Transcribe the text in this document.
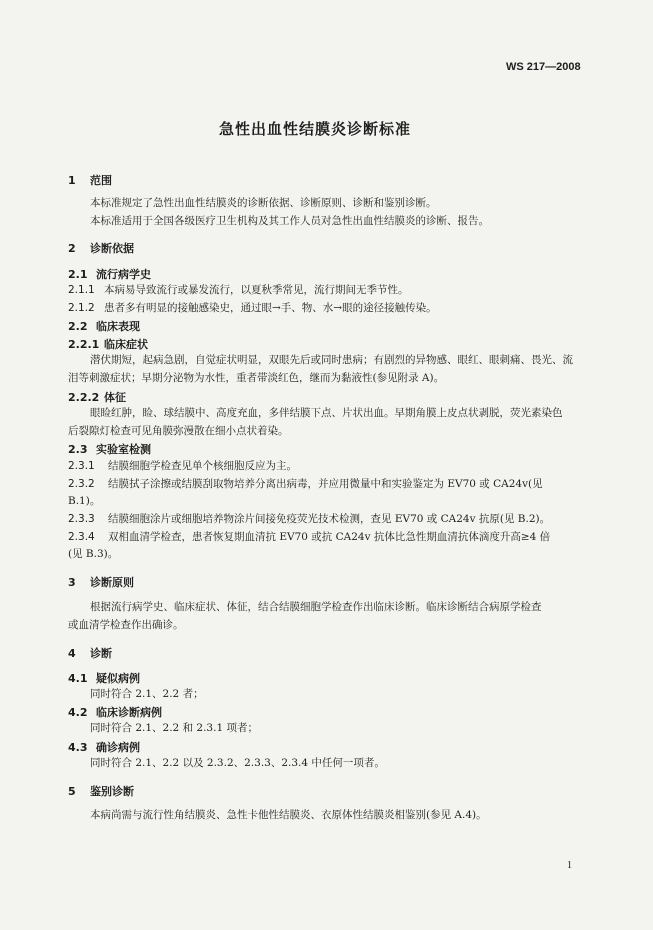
WS 217—2008
急性出血性结膜炎诊断标准
1 范围
本标准规定了急性出血性结膜炎的诊断依据、诊断原则、诊断和鉴别诊断。
本标准适用于全国各级医疗卫生机构及其工作人员对急性出血性结膜炎的诊断、报告。
2 诊断依据
2.1 流行病学史
2.1.1 本病易导致流行或暴发流行，以夏秋季常见，流行期间无季节性。
2.1.2 患者多有明显的接触感染史，通过眼→手、物、水→眼的途径接触传染。
2.2 临床表现
2.2.1 临床症状
潜伏期短，起病急剧，自觉症状明显，双眼先后或同时患病；有剧烈的异物感、眼红、眼刺痛、畏光、流
泪等刺激症状；早期分泌物为水性，重者带淡红色，继而为黏液性(参见附录 A)。
2.2.2 体征
眼睑红肿，睑、球结膜中、高度充血，多伴结膜下点、片状出血。早期角膜上皮点状剥脱，荧光素染色
后裂隙灯检查可见角膜弥漫散在细小点状着染。
2.3 实验室检测
2.3.1 结膜细胞学检查见单个核细胞反应为主。
2.3.2 结膜拭子涂擦或结膜刮取物培养分离出病毒，并应用微量中和实验鉴定为 EV70 或 CA24v(见
B.1)。
2.3.3 结膜细胞涂片或细胞培养物涂片间接免疫荧光技术检测，查见 EV70 或 CA24v 抗原(见 B.2)。
2.3.4 双相血清学检查，患者恢复期血清抗 EV70 或抗 CA24v 抗体比急性期血清抗体滴度升高≥4 倍
(见 B.3)。
3 诊断原则
根据流行病学史、临床症状、体征，结合结膜细胞学检查作出临床诊断。临床诊断结合病原学检查
或血清学检查作出确诊。
4 诊断
4.1 疑似病例
同时符合 2.1、2.2 者；
4.2 临床诊断病例
同时符合 2.1、2.2 和 2.3.1 项者；
4.3 确诊病例
同时符合 2.1、2.2 以及 2.3.2、2.3.3、2.3.4 中任何一项者。
5 鉴别诊断
本病尚需与流行性角结膜炎、急性卡他性结膜炎、衣原体性结膜炎相鉴别(参见 A.4)。
1
